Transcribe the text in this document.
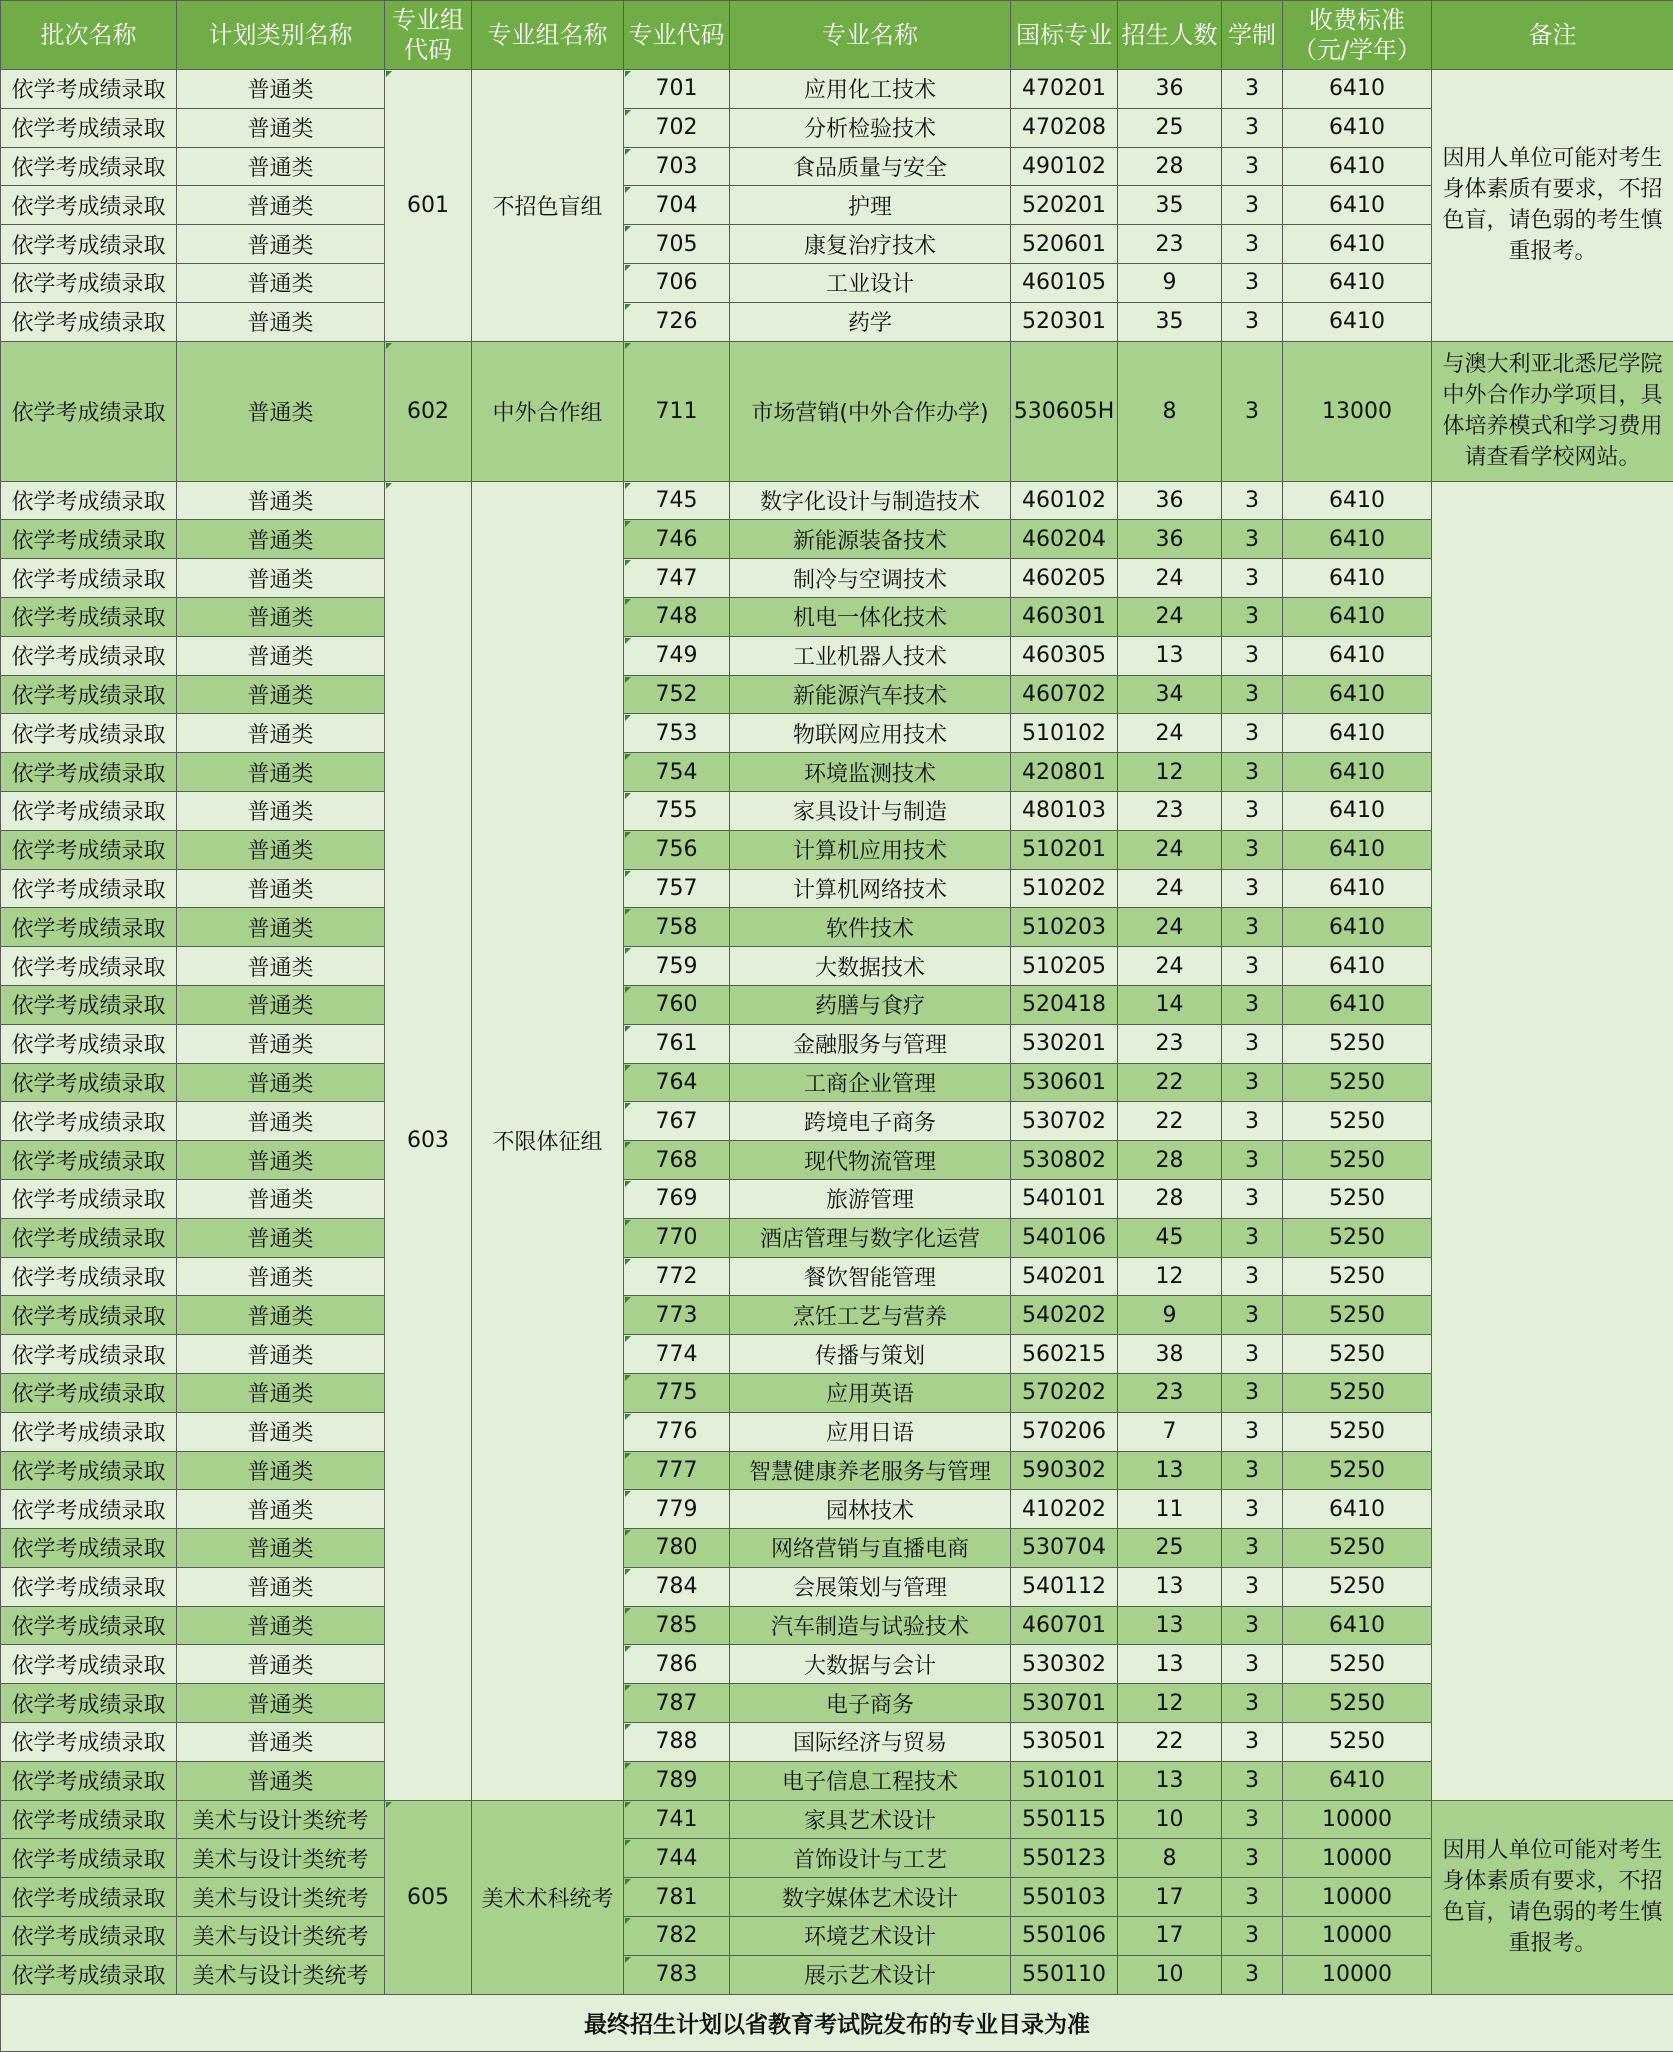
批次名称	计划类别名称	专业组代码	专业组名称	专业代码	专业名称	国标专业	招生人数	学制	收费标准（元/学年）	备注
依学考成绩录取	普通类	601	不招色盲组	701	应用化工技术	470201	36	3	6410	因用人单位可能对考生身体素质有要求，不招色盲，请色弱的考生慎重报考。
依学考成绩录取	普通类			702	分析检验技术	470208	25	3	6410	
依学考成绩录取	普通类			703	食品质量与安全	490102	28	3	6410	
依学考成绩录取	普通类			704	护理	520201	35	3	6410	
依学考成绩录取	普通类			705	康复治疗技术	520601	23	3	6410	
依学考成绩录取	普通类			706	工业设计	460105	9	3	6410	
依学考成绩录取	普通类			726	药学	520301	35	3	6410	
依学考成绩录取	普通类	602	中外合作组	711	市场营销(中外合作办学)	530605H	8	3	13000	与澳大利亚北悉尼学院中外合作办学项目，具体培养模式和学习费用请查看学校网站。
依学考成绩录取	普通类	603	不限体征组	745	数字化设计与制造技术	460102	36	3	6410	
依学考成绩录取	普通类			746	新能源装备技术	460204	36	3	6410	
依学考成绩录取	普通类			747	制冷与空调技术	460205	24	3	6410	
依学考成绩录取	普通类			748	机电一体化技术	460301	24	3	6410	
依学考成绩录取	普通类			749	工业机器人技术	460305	13	3	6410	
依学考成绩录取	普通类			752	新能源汽车技术	460702	34	3	6410	
依学考成绩录取	普通类			753	物联网应用技术	510102	24	3	6410	
依学考成绩录取	普通类			754	环境监测技术	420801	12	3	6410	
依学考成绩录取	普通类			755	家具设计与制造	480103	23	3	6410	
依学考成绩录取	普通类			756	计算机应用技术	510201	24	3	6410	
依学考成绩录取	普通类			757	计算机网络技术	510202	24	3	6410	
依学考成绩录取	普通类			758	软件技术	510203	24	3	6410	
依学考成绩录取	普通类			759	大数据技术	510205	24	3	6410	
依学考成绩录取	普通类			760	药膳与食疗	520418	14	3	6410	
依学考成绩录取	普通类			761	金融服务与管理	530201	23	3	5250	
依学考成绩录取	普通类			764	工商企业管理	530601	22	3	5250	
依学考成绩录取	普通类			767	跨境电子商务	530702	22	3	5250	
依学考成绩录取	普通类			768	现代物流管理	530802	28	3	5250	
依学考成绩录取	普通类			769	旅游管理	540101	28	3	5250	
依学考成绩录取	普通类			770	酒店管理与数字化运营	540106	45	3	5250	
依学考成绩录取	普通类			772	餐饮智能管理	540201	12	3	5250	
依学考成绩录取	普通类			773	烹饪工艺与营养	540202	9	3	5250	
依学考成绩录取	普通类			774	传播与策划	560215	38	3	5250	
依学考成绩录取	普通类			775	应用英语	570202	23	3	5250	
依学考成绩录取	普通类			776	应用日语	570206	7	3	5250	
依学考成绩录取	普通类			777	智慧健康养老服务与管理	590302	13	3	5250	
依学考成绩录取	普通类			779	园林技术	410202	11	3	6410	
依学考成绩录取	普通类			780	网络营销与直播电商	530704	25	3	5250	
依学考成绩录取	普通类			784	会展策划与管理	540112	13	3	5250	
依学考成绩录取	普通类			785	汽车制造与试验技术	460701	13	3	6410	
依学考成绩录取	普通类			786	大数据与会计	530302	13	3	5250	
依学考成绩录取	普通类			787	电子商务	530701	12	3	5250	
依学考成绩录取	普通类			788	国际经济与贸易	530501	22	3	5250	
依学考成绩录取	普通类			789	电子信息工程技术	510101	13	3	6410	
依学考成绩录取	美术与设计类统考	605	美术术科统考	741	家具艺术设计	550115	10	3	10000	因用人单位可能对考生身体素质有要求，不招色盲，请色弱的考生慎重报考。
依学考成绩录取	美术与设计类统考			744	首饰设计与工艺	550123	8	3	10000	
依学考成绩录取	美术与设计类统考			781	数字媒体艺术设计	550103	17	3	10000	
依学考成绩录取	美术与设计类统考			782	环境艺术设计	550106	17	3	10000	
依学考成绩录取	美术与设计类统考			783	展示艺术设计	550110	10	3	10000	
最终招生计划以省教育考试院发布的专业目录为准										
